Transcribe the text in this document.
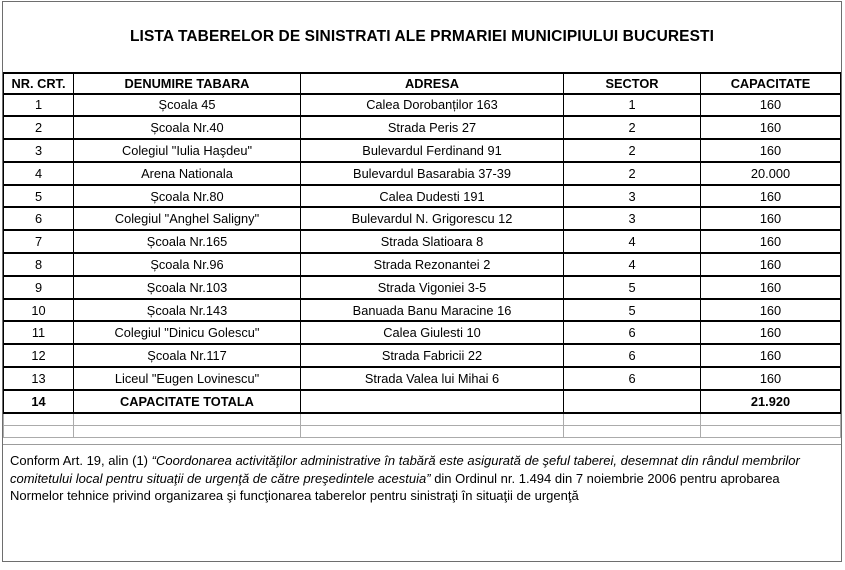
LISTA TABERELOR DE SINISTRATI ALE PRMARIEI MUNICIPIULUI BUCURESTI
NR. CRT.	DENUMIRE TABARA	ADRESA	SECTOR	CAPACITATE
1	Școala 45	Calea Dorobanților 163	1	160
2	Școala Nr.40	Strada Peris 27	2	160
3	Colegiul "Iulia Haşdeu"	Bulevardul Ferdinand 91	2	160
4	Arena Nationala	Bulevardul Basarabia 37-39	2	20.000
5	Școala Nr.80	Calea Dudesti 191	3	160
6	Colegiul "Anghel Saligny"	Bulevardul N. Grigorescu 12	3	160
7	Școala Nr.165	Strada Slatioara 8	4	160
8	Școala Nr.96	Strada Rezonantei 2	4	160
9	Școala Nr.103	Strada Vigoniei 3-5	5	160
10	Școala Nr.143	Banuada Banu Maracine 16	5	160
11	Colegiul "Dinicu Golescu"	Calea Giulesti 10	6	160
12	Școala Nr.117	Strada Fabricii 22	6	160
13	Liceul "Eugen Lovinescu"	Strada Valea lui Mihai 6	6	160
14	CAPACITATE TOTALA			21.920

Conform Art. 19, alin (1) “Coordonarea activităţilor administrative în tabără este asigurată de şeful taberei, desemnat din rândul membrilor comitetului local pentru situaţii de urgenţă de către preşedintele acestuia” din Ordinul nr. 1.494 din 7 noiembrie 2006 pentru aprobarea Normelor tehnice privind organizarea şi funcţionarea taberelor pentru sinistraţi în situaţii de urgenţă
